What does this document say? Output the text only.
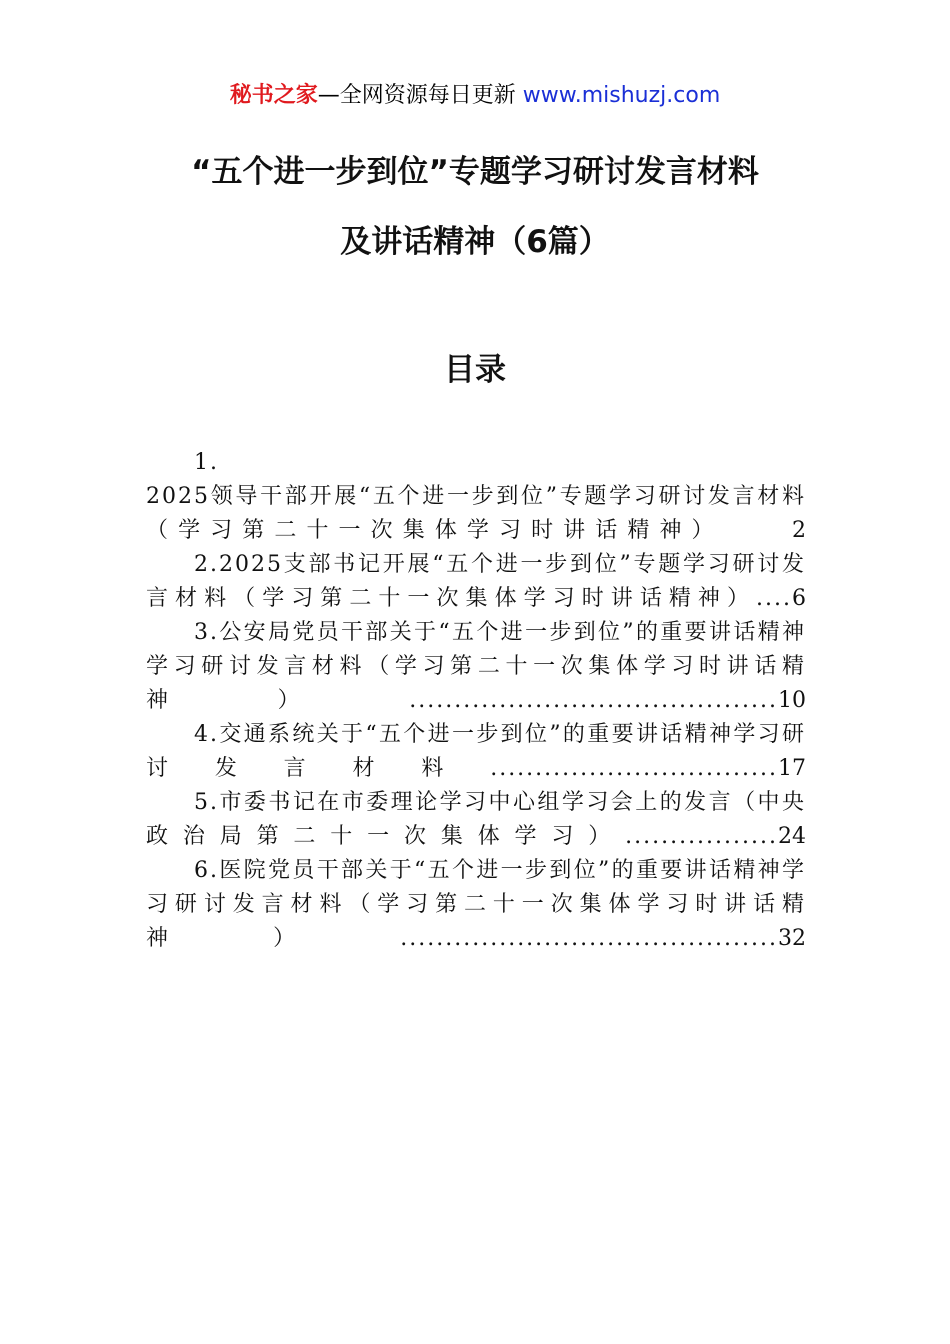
秘书之家—全网资源每日更新 www.mishuzj.com
“五个进一步到位”专题学习研讨发言材料
及讲话精神（6篇）
目录
1.
2025领导干部开展“五个进一步到位”专题学习研讨发言材料（学习第二十一次集体学习时讲话精神）	2
2.2025支部书记开展“五个进一步到位”专题学习研讨发言材料（学习第二十一次集体学习时讲话精神）....6
3.公安局党员干部关于“五个进一步到位”的重要讲话精神学习研讨发言材料（学习第二十一次集体学习时讲话精神）.........................................10
4.交通系统关于“五个进一步到位”的重要讲话精神学习研讨发言材料................................17
5.市委书记在市委理论学习中心组学习会上的发言（中央政治局第二十一次集体学习）.................24
6.医院党员干部关于“五个进一步到位”的重要讲话精神学习研讨发言材料（学习第二十一次集体学习时讲话精神）..........................................32
